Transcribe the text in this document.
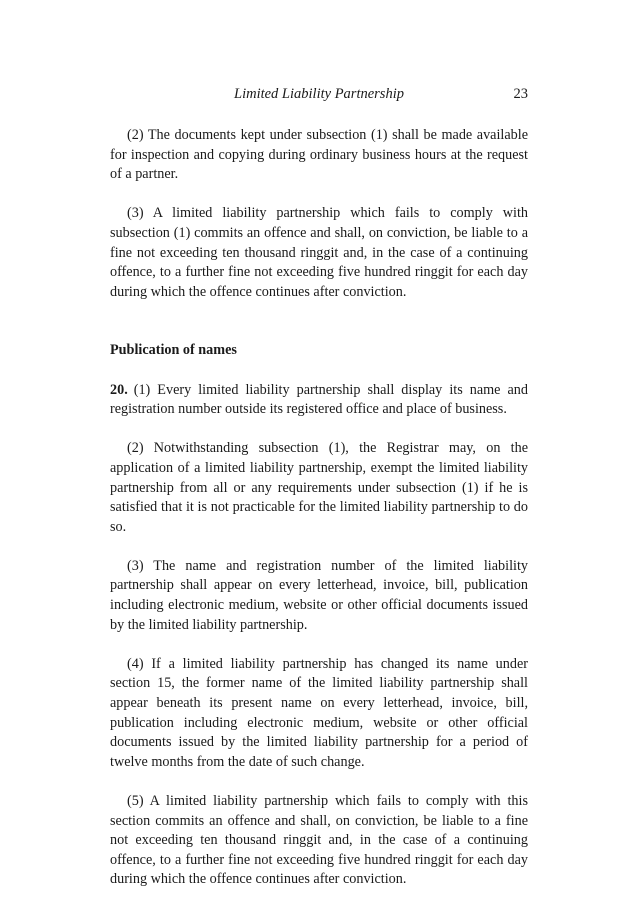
Limited Liability Partnership	23

(2) The documents kept under subsection (1) shall be made available for inspection and copying during ordinary business hours at the request of a partner.

(3) A limited liability partnership which fails to comply with subsection (1) commits an offence and shall, on conviction, be liable to a fine not exceeding ten thousand ringgit and, in the case of a continuing offence, to a further fine not exceeding five hundred ringgit for each day during which the offence continues after conviction.

Publication of names

20. (1) Every limited liability partnership shall display its name and registration number outside its registered office and place of business.

(2) Notwithstanding subsection (1), the Registrar may, on the application of a limited liability partnership, exempt the limited liability partnership from all or any requirements under subsection (1) if he is satisfied that it is not practicable for the limited liability partnership to do so.

(3) The name and registration number of the limited liability partnership shall appear on every letterhead, invoice, bill, publication including electronic medium, website or other official documents issued by the limited liability partnership.

(4) If a limited liability partnership has changed its name under section 15, the former name of the limited liability partnership shall appear beneath its present name on every letterhead, invoice, bill, publication including electronic medium, website or other official documents issued by the limited liability partnership for a period of twelve months from the date of such change.

(5) A limited liability partnership which fails to comply with this section commits an offence and shall, on conviction, be liable to a fine not exceeding ten thousand ringgit and, in the case of a continuing offence, to a further fine not exceeding five hundred ringgit for each day during which the offence continues after conviction.
